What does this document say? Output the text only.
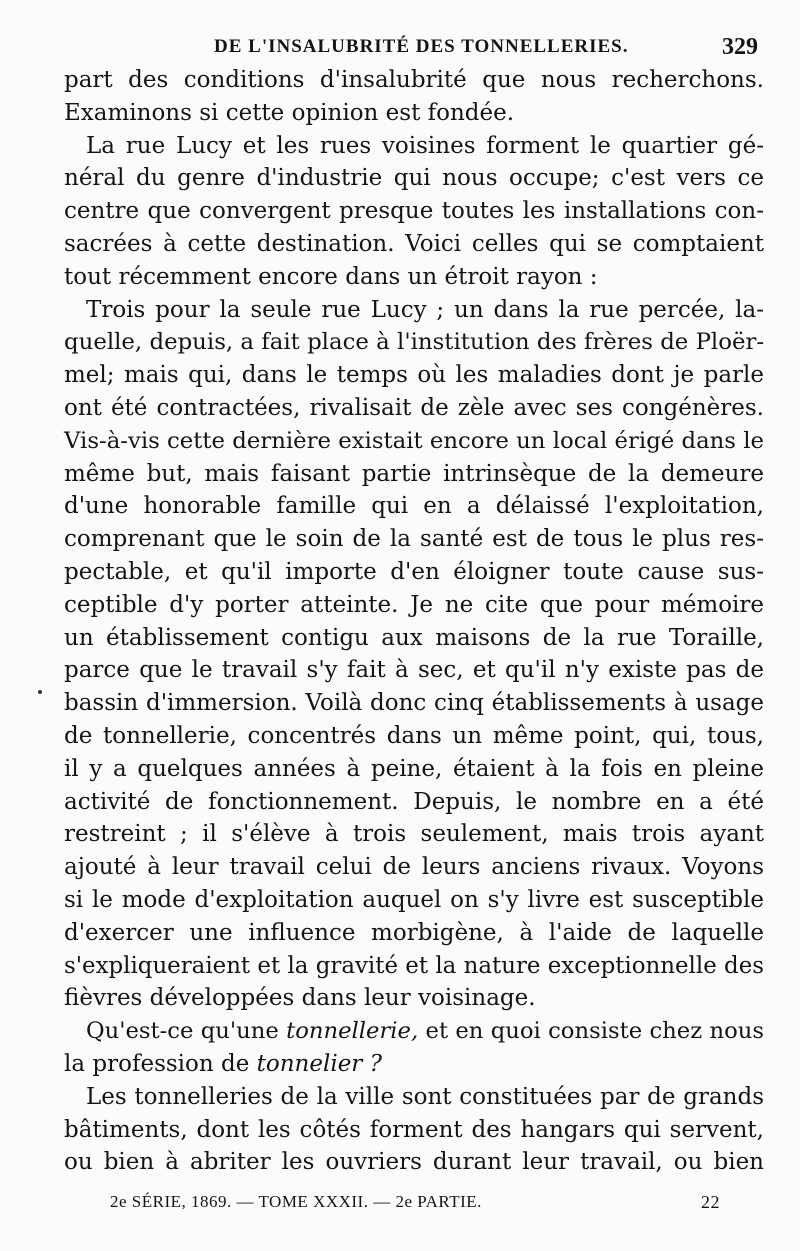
DE L'INSALUBRITÉ DES TONNELLERIES.	329
part des conditions d'insalubrité que nous recherchons.
Examinons si cette opinion est fondée.
La rue Lucy et les rues voisines forment le quartier gé-
néral du genre d'industrie qui nous occupe; c'est vers ce
centre que convergent presque toutes les installations con-
sacrées à cette destination. Voici celles qui se comptaient
tout récemment encore dans un étroit rayon :
Trois pour la seule rue Lucy ; un dans la rue percée, la-
quelle, depuis, a fait place à l'institution des frères de Ploër-
mel; mais qui, dans le temps où les maladies dont je parle
ont été contractées, rivalisait de zèle avec ses congénères.
Vis-à-vis cette dernière existait encore un local érigé dans le
même but, mais faisant partie intrinsèque de la demeure
d'une honorable famille qui en a délaissé l'exploitation,
comprenant que le soin de la santé est de tous le plus res-
pectable, et qu'il importe d'en éloigner toute cause sus-
ceptible d'y porter atteinte. Je ne cite que pour mémoire
un établissement contigu aux maisons de la rue Toraille,
parce que le travail s'y fait à sec, et qu'il n'y existe pas de
bassin d'immersion. Voilà donc cinq établissements à usage
de tonnellerie, concentrés dans un même point, qui, tous,
il y a quelques années à peine, étaient à la fois en pleine
activité de fonctionnement. Depuis, le nombre en a été
restreint ; il s'élève à trois seulement, mais trois ayant
ajouté à leur travail celui de leurs anciens rivaux. Voyons
si le mode d'exploitation auquel on s'y livre est susceptible
d'exercer une influence morbigène, à l'aide de laquelle
s'expliqueraient et la gravité et la nature exceptionnelle des
fièvres développées dans leur voisinage.
Qu'est-ce qu'une tonnellerie, et en quoi consiste chez nous
la profession de tonnelier ?
Les tonnelleries de la ville sont constituées par de grands
bâtiments, dont les côtés forment des hangars qui servent,
ou bien à abriter les ouvriers durant leur travail, ou bien
2e SÉRIE, 1869. — TOME XXXII. — 2e PARTIE.	22
